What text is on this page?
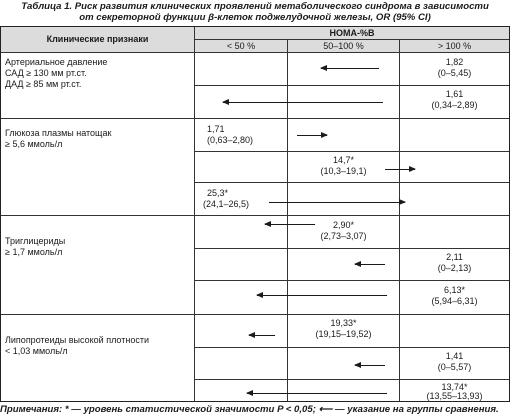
Таблица 1. Риск развития клинических проявлений метаболического синдрома в зависимости
от секреторной функции β-клеток поджелудочной железы, OR (95% CI)
Клинические признаки
HOMA-%B
< 50 %	50–100 %	> 100 %
Артериальное давление
САД ≥ 130 мм рт.ст.
ДАД ≥ 85 мм рт.ст.
Глюкоза плазмы натощак
≥ 5,6 ммоль/л
Триглицериды
≥ 1,7 ммоль/л
Липопротеиды высокой плотности
< 1,03 ммоль/л
1,82
(0–5,45)
1,61
(0,34–2,89)
1,71
(0,63–2,80)
14,7*
(10,3–19,1)
25,3*
(24,1–26,5)
2,90*
(2,73–3,07)
2,11
(0–2,13)
6,13*
(5,94–6,31)
19,33*
(19,15–19,52)
1,41
(0–5,57)
13,74*
(13,55–13,93)
Примечания: * — уровень статистической значимости P < 0,05; ⟵ — указание на группы сравнения.
